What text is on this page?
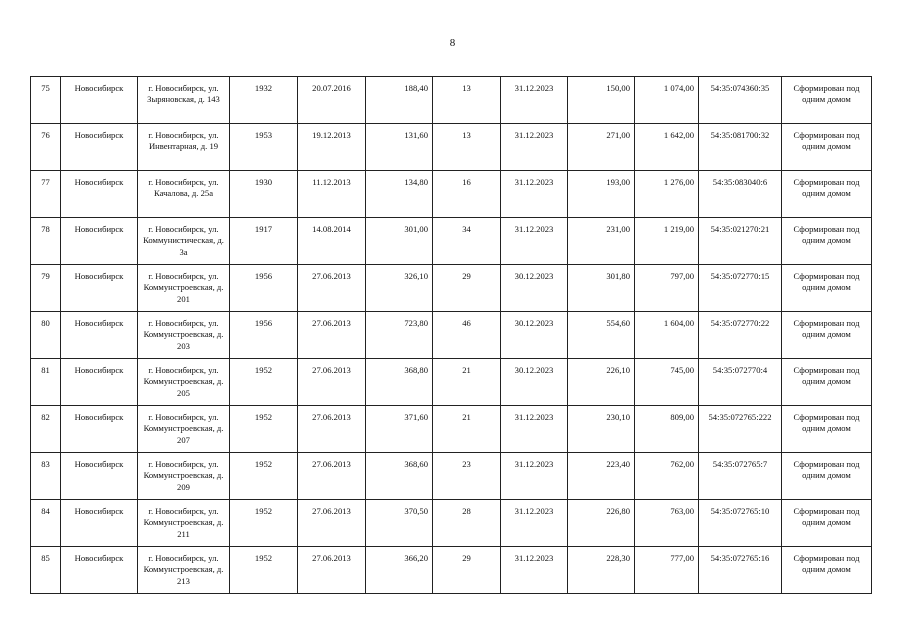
8
75	Новосибирск	г. Новосибирск, ул. Зыряновская, д. 143	1932	20.07.2016	188,40	13	31.12.2023	150,00	1 074,00	54:35:074360:35	Сформирован под одним домом
76	Новосибирск	г. Новосибирск, ул. Инвентарная, д. 19	1953	19.12.2013	131,60	13	31.12.2023	271,00	1 642,00	54:35:081700:32	Сформирован под одним домом
77	Новосибирск	г. Новосибирск, ул. Качалова, д. 25а	1930	11.12.2013	134,80	16	31.12.2023	193,00	1 276,00	54:35:083040:6	Сформирован под одним домом
78	Новосибирск	г. Новосибирск, ул. Коммунистическая, д. 3а	1917	14.08.2014	301,00	34	31.12.2023	231,00	1 219,00	54:35:021270:21	Сформирован под одним домом
79	Новосибирск	г. Новосибирск, ул. Коммунстроевская, д. 201	1956	27.06.2013	326,10	29	30.12.2023	301,80	797,00	54:35:072770:15	Сформирован под одним домом
80	Новосибирск	г. Новосибирск, ул. Коммунстроевская, д. 203	1956	27.06.2013	723,80	46	30.12.2023	554,60	1 604,00	54:35:072770:22	Сформирован под одним домом
81	Новосибирск	г. Новосибирск, ул. Коммунстроевская, д. 205	1952	27.06.2013	368,80	21	30.12.2023	226,10	745,00	54:35:072770:4	Сформирован под одним домом
82	Новосибирск	г. Новосибирск, ул. Коммунстроевская, д. 207	1952	27.06.2013	371,60	21	31.12.2023	230,10	809,00	54:35:072765:222	Сформирован под одним домом
83	Новосибирск	г. Новосибирск, ул. Коммунстроевская, д. 209	1952	27.06.2013	368,60	23	31.12.2023	223,40	762,00	54:35:072765:7	Сформирован под одним домом
84	Новосибирск	г. Новосибирск, ул. Коммунстроевская, д. 211	1952	27.06.2013	370,50	28	31.12.2023	226,80	763,00	54:35:072765:10	Сформирован под одним домом
85	Новосибирск	г. Новосибирск, ул. Коммунстроевская, д. 213	1952	27.06.2013	366,20	29	31.12.2023	228,30	777,00	54:35:072765:16	Сформирован под одним домом
